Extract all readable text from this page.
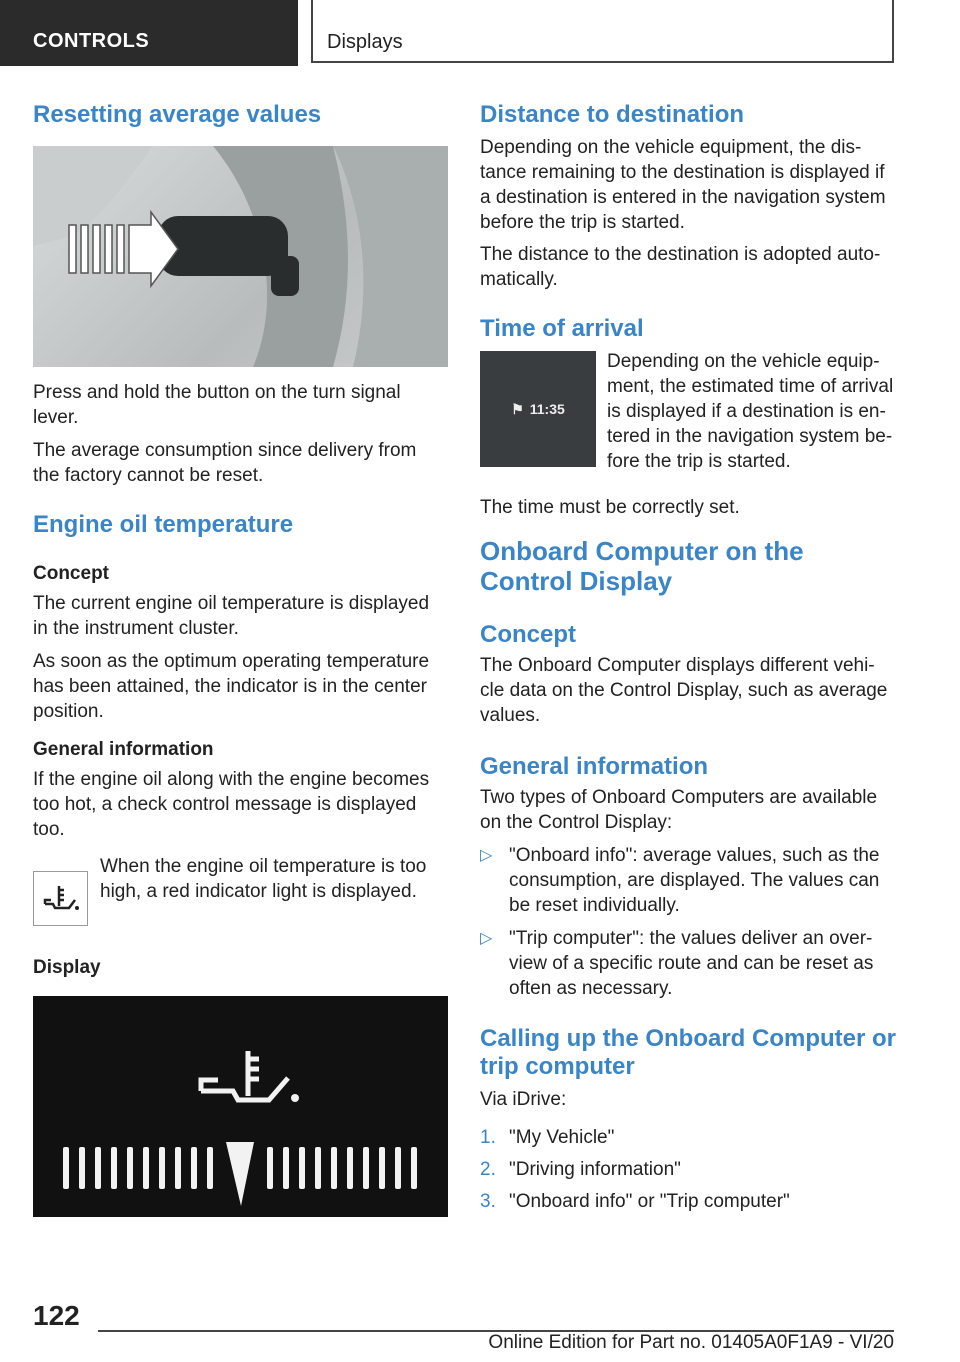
CONTROLS	Displays
Resetting average values

Press and hold the button on the turn signal lever.

The average consumption since delivery from the factory cannot be reset.

Engine oil temperature
Concept

The current engine oil temperature is displayed in the instrument cluster.

As soon as the optimum operating temperature has been attained, the indicator is in the center position.

General information

If the engine oil along with the engine becomes too hot, a check control message is displayed too.

When the engine oil temperature is too high, a red indicator light is displayed.

Display
Distance to destination

Depending on the vehicle equipment, the dis-tance remaining to the destination is displayed if a destination is entered in the navigation system before the trip is started.

The distance to the destination is adopted auto-matically.

Time of arrival
⚑ 11:35

Depending on the vehicle equip-ment, the estimated time of arrival is displayed if a destination is en-tered in the navigation system be-fore the trip is started.

The time must be correctly set.

Onboard Computer on the
Control Display
Concept

The Onboard Computer displays different vehi-cle data on the Control Display, such as average values.

General information

Two types of Onboard Computers are available on the Control Display:

▷ "Onboard info": average values, such as the consumption, are displayed. The values can be reset individually.

▷ "Trip computer": the values deliver an over-view of a specific route and can be reset as often as necessary.

Calling up the Onboard Computer or trip computer

Via iDrive:

1. "My Vehicle"

2. "Driving information"

3. "Onboard info" or "Trip computer"

122
Online Edition for Part no. 01405A0F1A9 - VI/20
